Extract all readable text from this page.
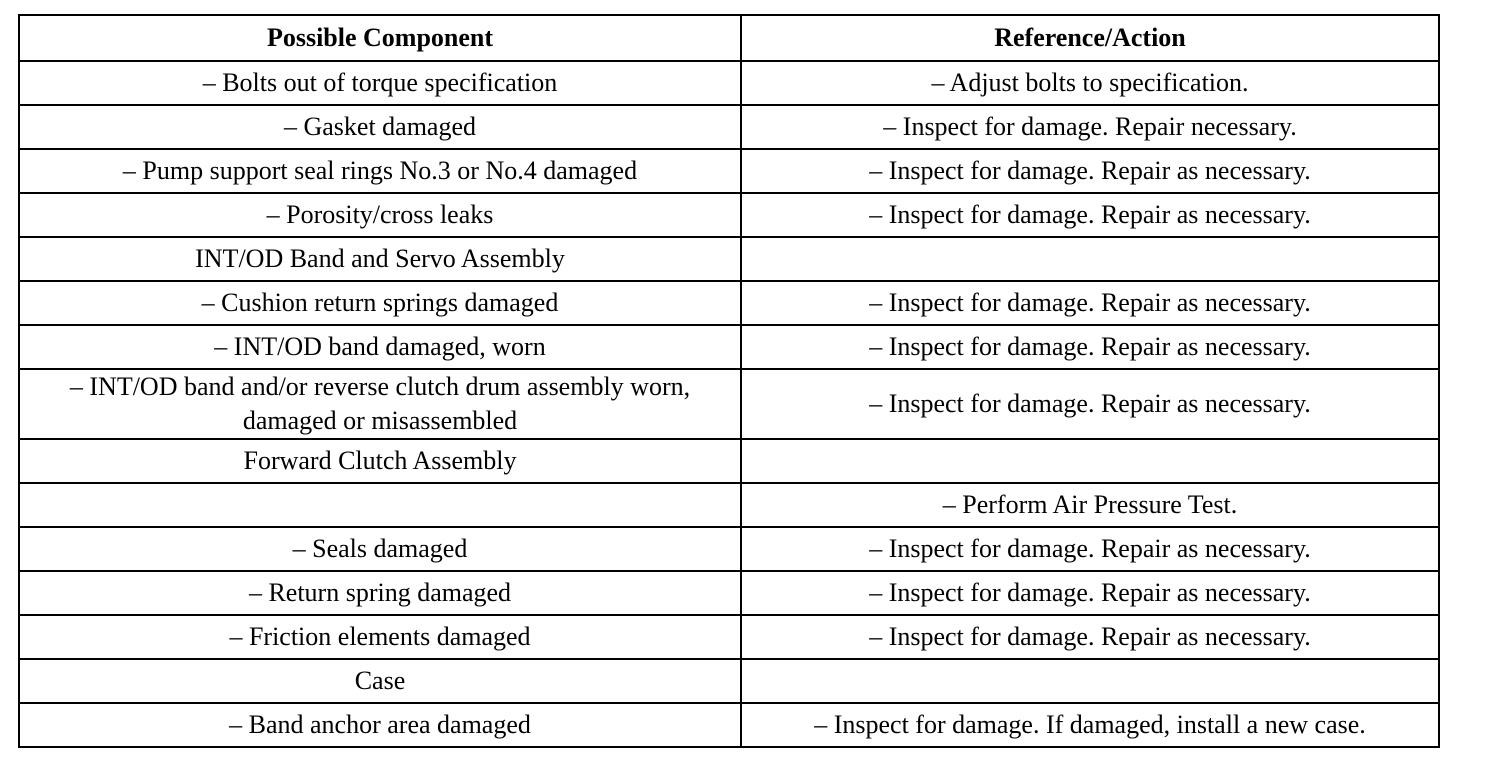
Possible Component	Reference/Action
– Bolts out of torque specification	– Adjust bolts to specification.
– Gasket damaged	– Inspect for damage. Repair necessary.
– Pump support seal rings No.3 or No.4 damaged	– Inspect for damage. Repair as necessary.
– Porosity/cross leaks	– Inspect for damage. Repair as necessary.
INT/OD Band and Servo Assembly	
– Cushion return springs damaged	– Inspect for damage. Repair as necessary.
– INT/OD band damaged, worn	– Inspect for damage. Repair as necessary.
– INT/OD band and/or reverse clutch drum assembly worn, damaged or misassembled	– Inspect for damage. Repair as necessary.
Forward Clutch Assembly	
	– Perform Air Pressure Test.
– Seals damaged	– Inspect for damage. Repair as necessary.
– Return spring damaged	– Inspect for damage. Repair as necessary.
– Friction elements damaged	– Inspect for damage. Repair as necessary.
Case	
– Band anchor area damaged	– Inspect for damage. If damaged, install a new case.
